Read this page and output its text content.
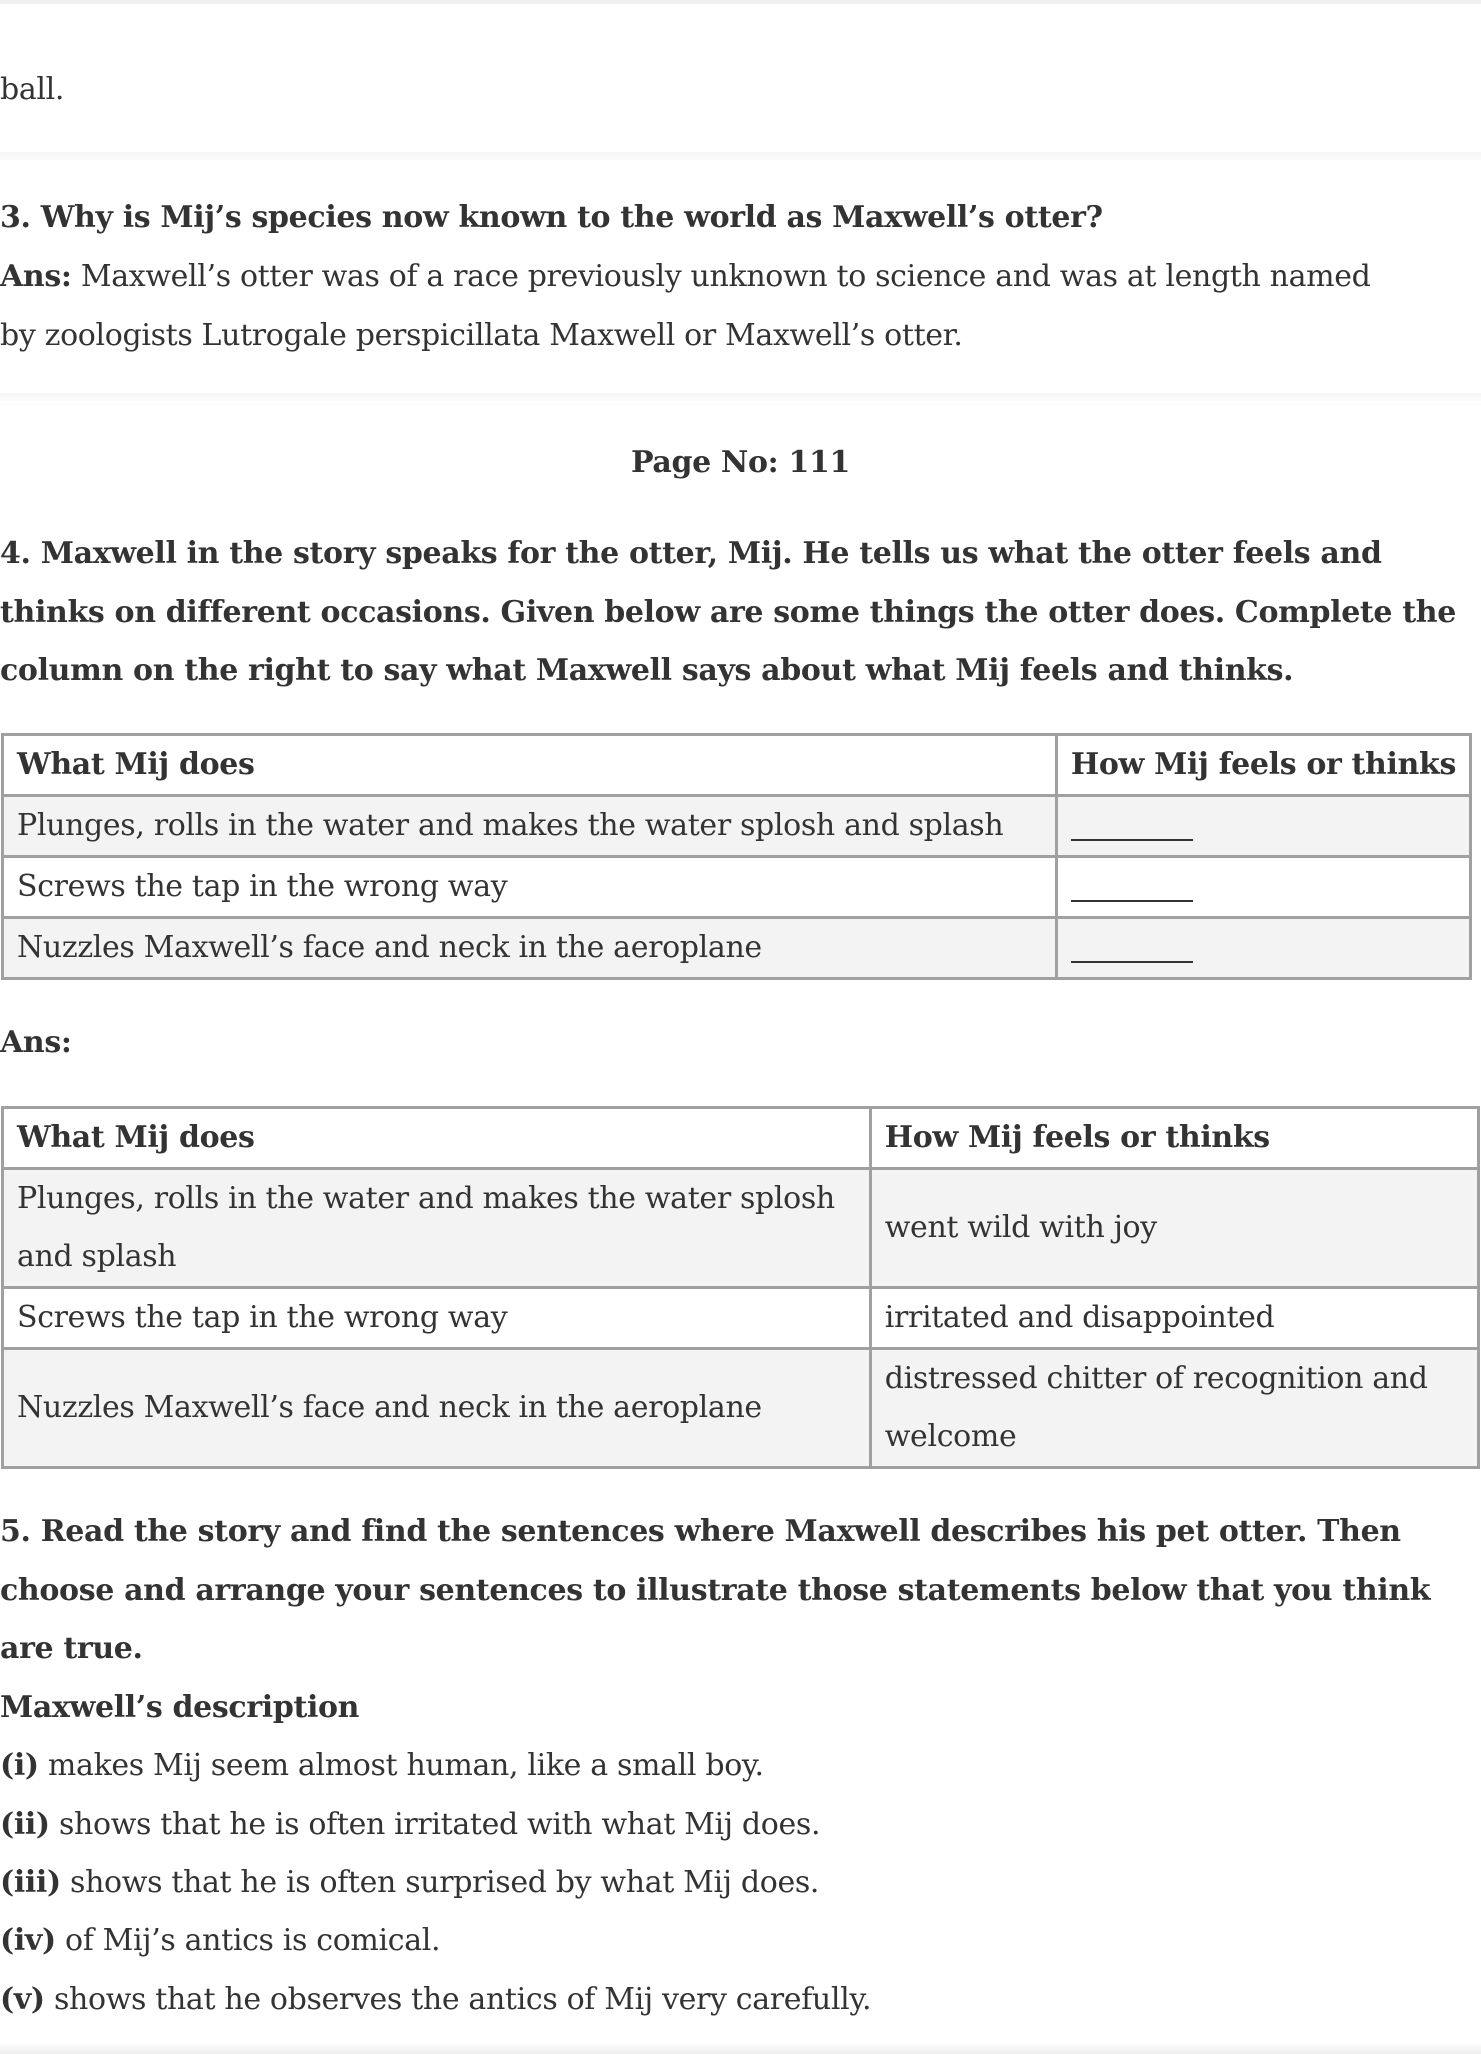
ball.
3. Why is Mij’s species now known to the world as Maxwell’s otter?
Ans: Maxwell’s otter was of a race previously unknown to science and was at length named
by zoologists Lutrogale perspicillata Maxwell or Maxwell’s otter.
Page No: 111
4. Maxwell in the story speaks for the otter, Mij. He tells us what the otter feels and
thinks on different occasions. Given below are some things the otter does. Complete the
column on the right to say what Maxwell says about what Mij feels and thinks.
What Mij does	How Mij feels or thinks
Plunges, rolls in the water and makes the water splosh and splash	
Screws the tap in the wrong way	
Nuzzles Maxwell’s face and neck in the aeroplane	
Ans:
What Mij does	How Mij feels or thinks
Plunges, rolls in the water and makes the water splosh and splash	went wild with joy
Screws the tap in the wrong way	irritated and disappointed
Nuzzles Maxwell’s face and neck in the aeroplane	distressed chitter of recognition and welcome
5. Read the story and find the sentences where Maxwell describes his pet otter. Then
choose and arrange your sentences to illustrate those statements below that you think
are true.
Maxwell’s description
(i) makes Mij seem almost human, like a small boy.
(ii) shows that he is often irritated with what Mij does.
(iii) shows that he is often surprised by what Mij does.
(iv) of Mij’s antics is comical.
(v) shows that he observes the antics of Mij very carefully.
